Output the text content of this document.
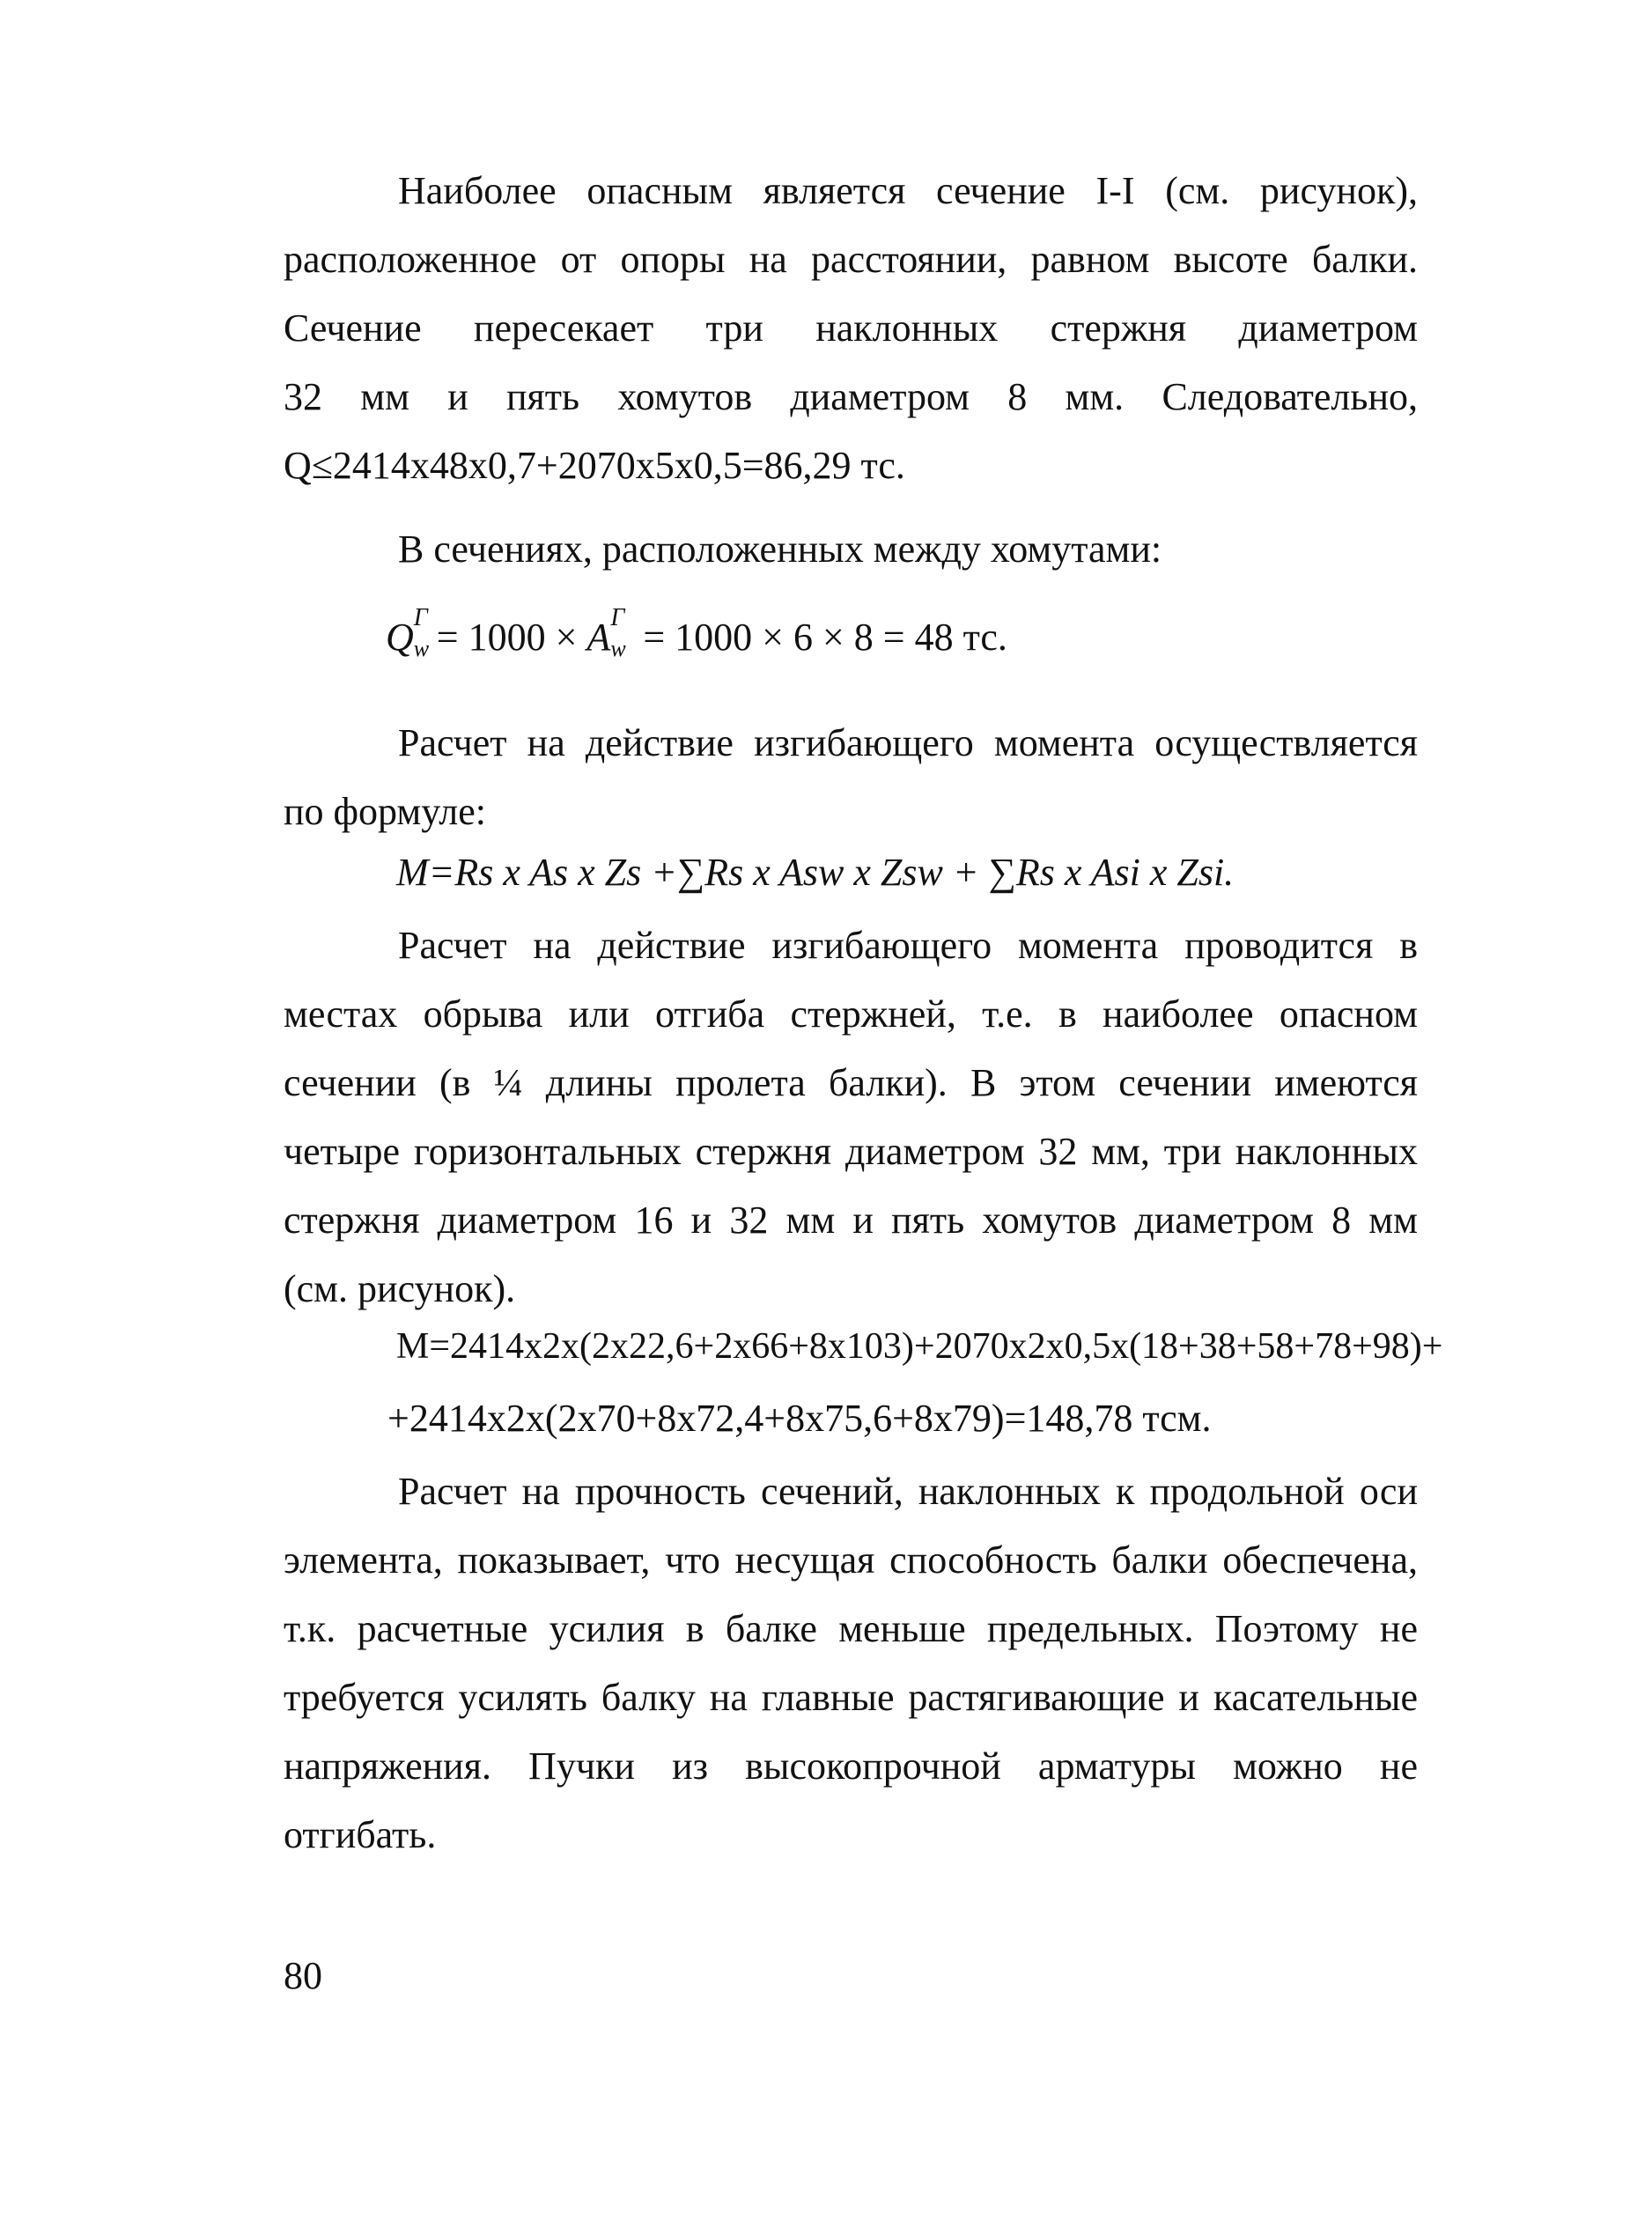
Наиболее опасным является сечение I-I (см. рисунок),
расположенное от опоры на расстоянии, равном высоте балки.
Сечение пересекает три наклонных стержня диаметром
32 мм и пять хомутов диаметром 8 мм. Следовательно,
Q≤2414x48x0,7+2070x5x0,5=86,29 тс.
В сечениях, расположенных между хомутами:
Q Г
w = 1000 × A Г
w = 1000 × 6 × 8 = 48 тс.
Расчет на действие изгибающего момента осуществляется
по формуле:
M=Rs x As x Zs +∑Rs x Asw x Zsw + ∑Rs x Asi x Zsi.
Расчет на действие изгибающего момента проводится в
местах обрыва или отгиба стержней, т.е. в наиболее опасном
сечении (в ¼ длины пролета балки). В этом сечении имеются
четыре горизонтальных стержня диаметром 32 мм, три наклонных
стержня диаметром 16 и 32 мм и пять хомутов диаметром 8 мм
(см. рисунок).
M=2414x2x(2x22,6+2x66+8x103)+2070x2x0,5x(18+38+58+78+98)+
+2414x2x(2x70+8x72,4+8x75,6+8x79)=148,78 тсм.
Расчет на прочность сечений, наклонных к продольной оси
элемента, показывает, что несущая способность балки обеспечена,
т.к. расчетные усилия в балке меньше предельных. Поэтому не
требуется усилять балку на главные растягивающие и касательные
напряжения. Пучки из высокопрочной арматуры можно не
отгибать.
80
